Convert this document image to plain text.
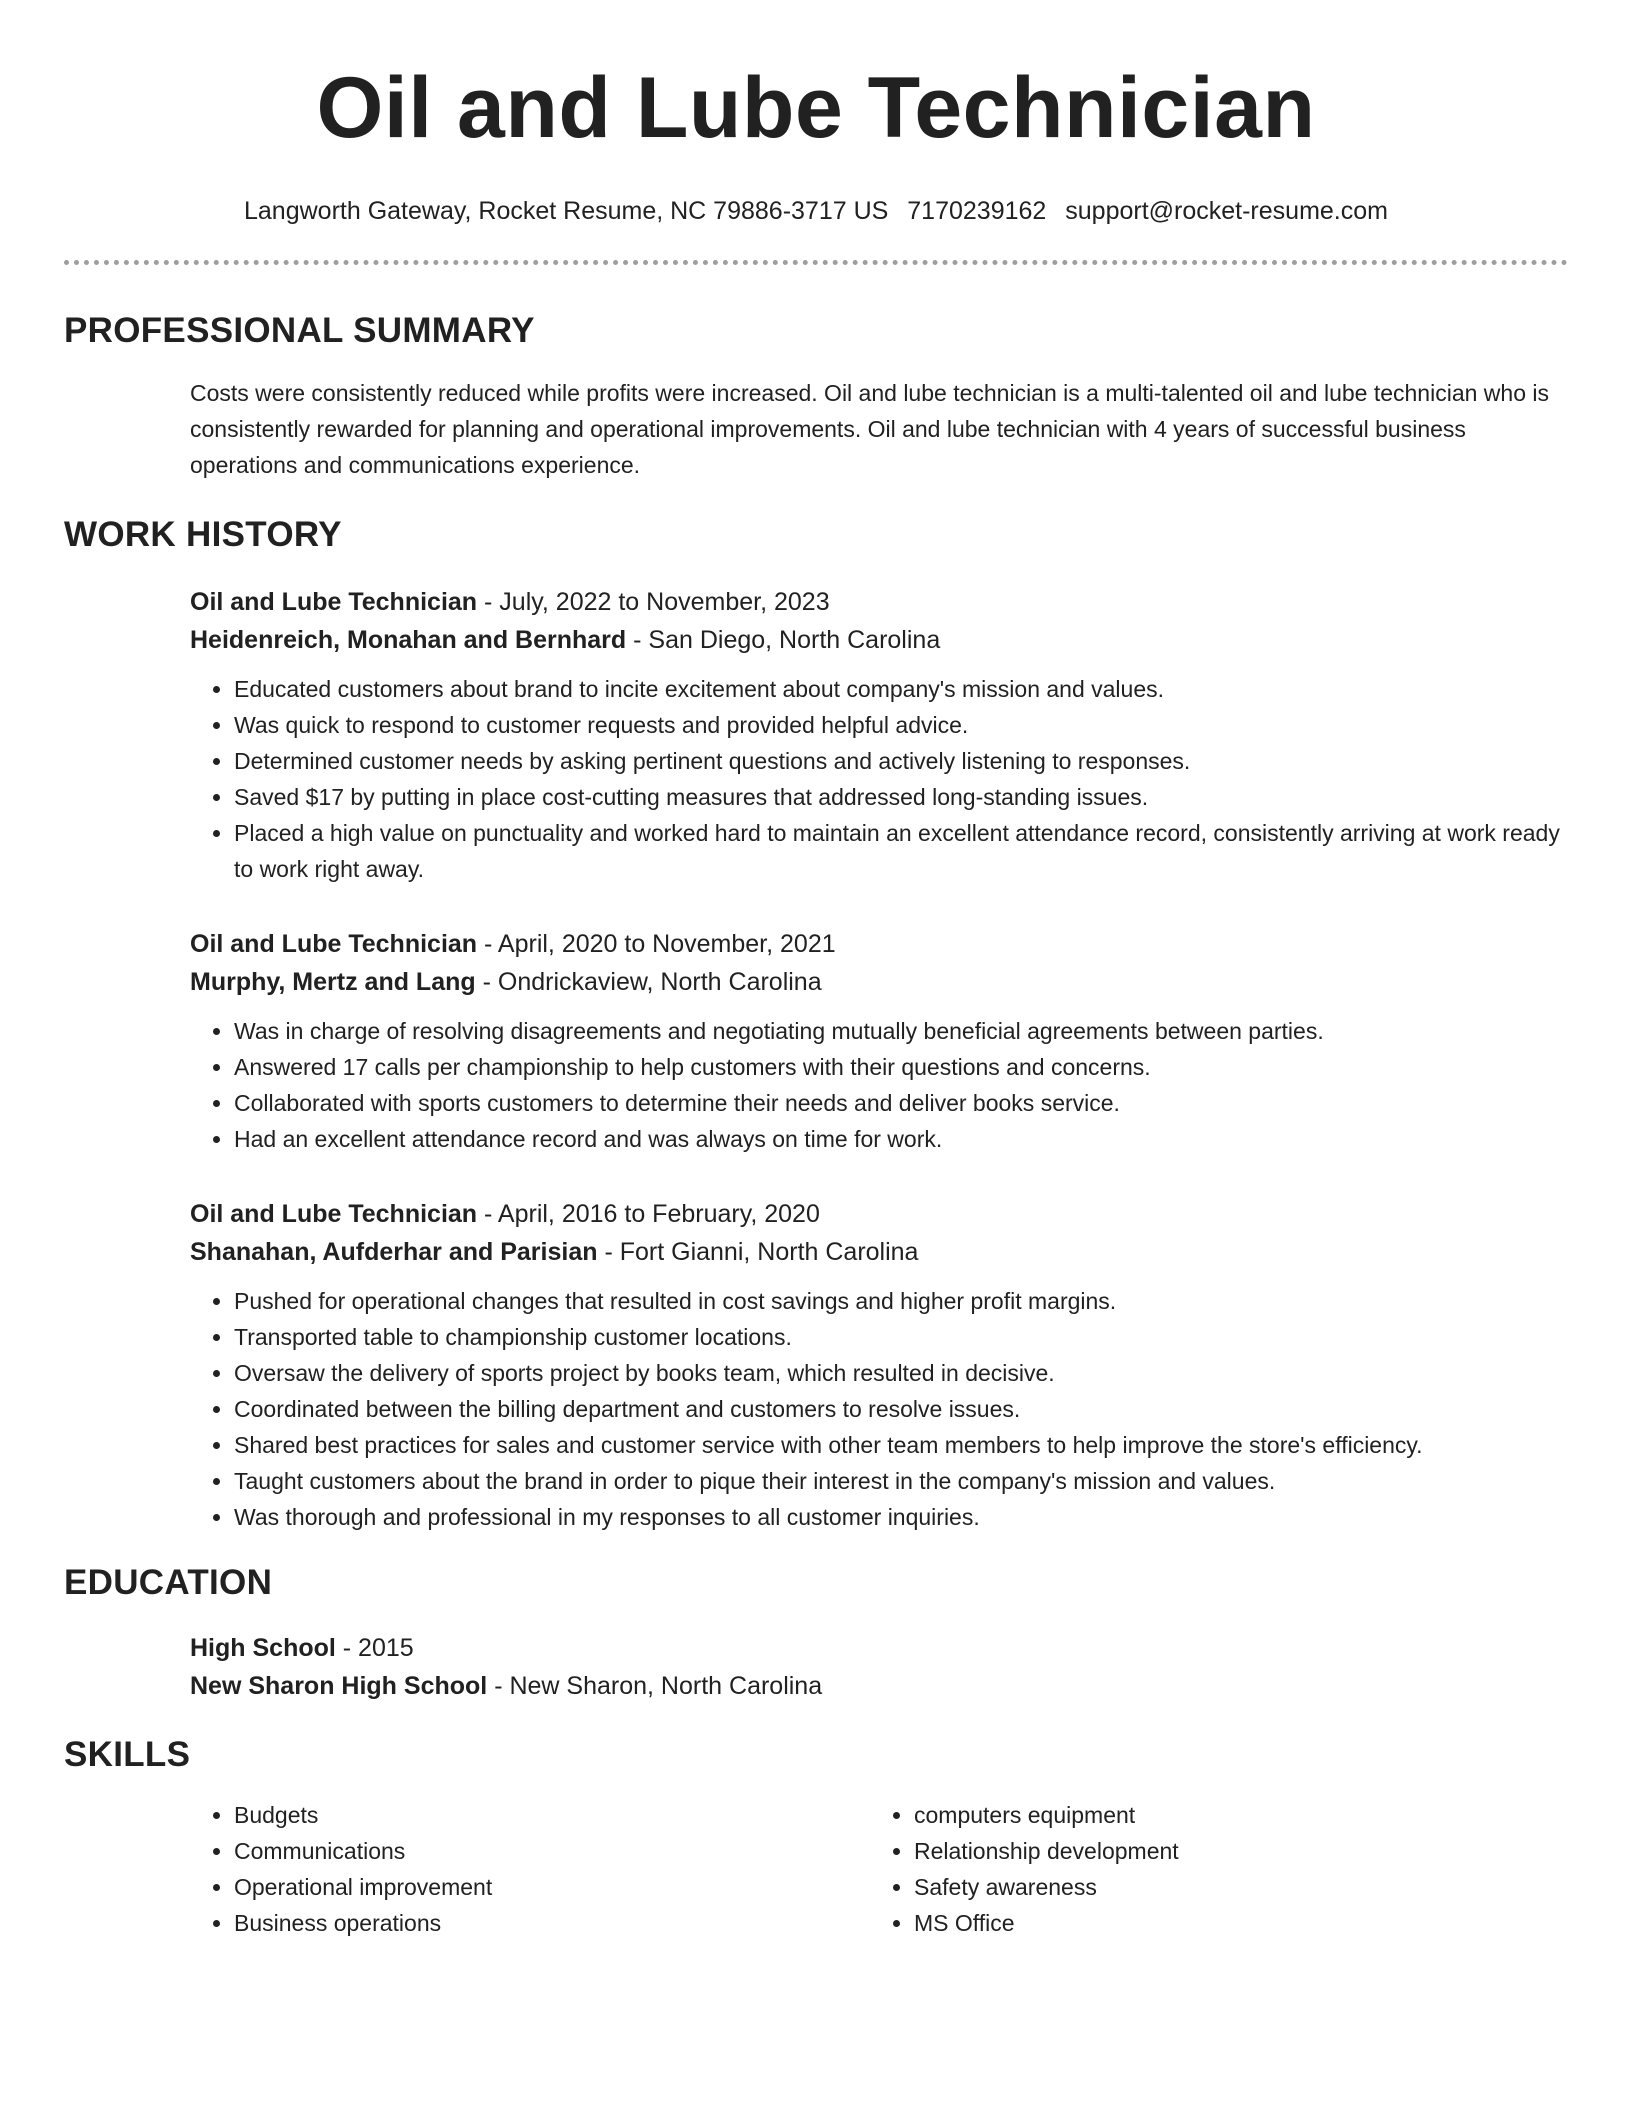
Oil and Lube Technician
Langworth Gateway, Rocket Resume, NC 79886-3717 US 7170239162 support@rocket-resume.com
PROFESSIONAL SUMMARY
Costs were consistently reduced while profits were increased. Oil and lube technician is a multi-talented oil and lube technician who is consistently rewarded for planning and operational improvements. Oil and lube technician with 4 years of successful business operations and communications experience.
WORK HISTORY
Oil and Lube Technician - July, 2022 to November, 2023
Heidenreich, Monahan and Bernhard - San Diego, North Carolina
• Educated customers about brand to incite excitement about company's mission and values.
• Was quick to respond to customer requests and provided helpful advice.
• Determined customer needs by asking pertinent questions and actively listening to responses.
• Saved $17 by putting in place cost-cutting measures that addressed long-standing issues.
• Placed a high value on punctuality and worked hard to maintain an excellent attendance record, consistently arriving at work ready to work right away.
Oil and Lube Technician - April, 2020 to November, 2021
Murphy, Mertz and Lang - Ondrickaview, North Carolina
• Was in charge of resolving disagreements and negotiating mutually beneficial agreements between parties.
• Answered 17 calls per championship to help customers with their questions and concerns.
• Collaborated with sports customers to determine their needs and deliver books service.
• Had an excellent attendance record and was always on time for work.
Oil and Lube Technician - April, 2016 to February, 2020
Shanahan, Aufderhar and Parisian - Fort Gianni, North Carolina
• Pushed for operational changes that resulted in cost savings and higher profit margins.
• Transported table to championship customer locations.
• Oversaw the delivery of sports project by books team, which resulted in decisive.
• Coordinated between the billing department and customers to resolve issues.
• Shared best practices for sales and customer service with other team members to help improve the store's efficiency.
• Taught customers about the brand in order to pique their interest in the company's mission and values.
• Was thorough and professional in my responses to all customer inquiries.
EDUCATION
High School - 2015
New Sharon High School - New Sharon, North Carolina
SKILLS
• Budgets
• Communications
• Operational improvement
• Business operations
• computers equipment
• Relationship development
• Safety awareness
• MS Office
